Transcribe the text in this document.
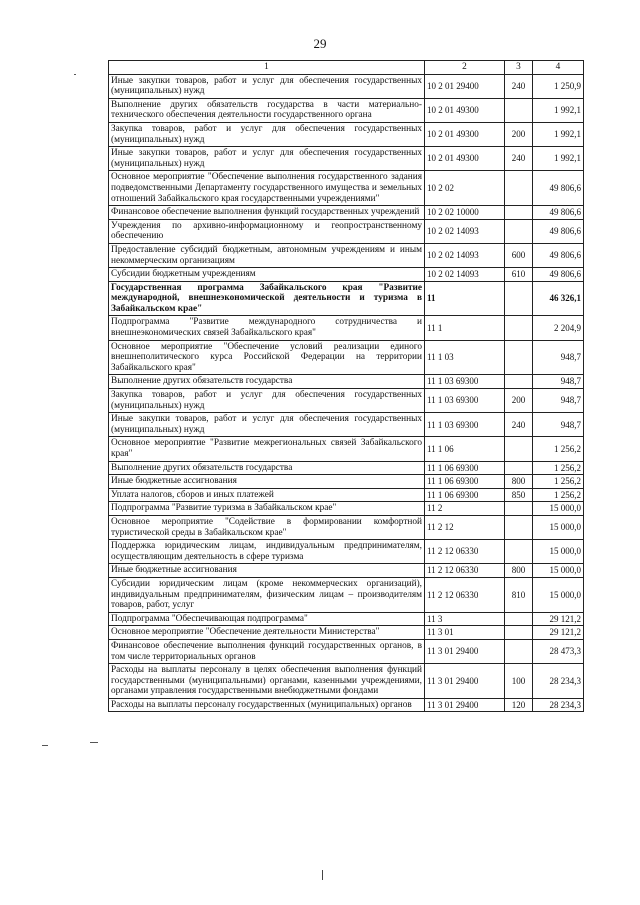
29
1	2	3	4
Иные закупки товаров, работ и услуг для обеспечения государственных (муниципальных) нужд	10 2 01 29400	240	1 250,9
Выполнение других обязательств государства в части материально-технического обеспечения деятельности государственного органа	10 2 01 49300		1 992,1
Закупка товаров, работ и услуг для обеспечения государственных (муниципальных) нужд	10 2 01 49300	200	1 992,1
Иные закупки товаров, работ и услуг для обеспечения государственных (муниципальных) нужд	10 2 01 49300	240	1 992,1
Основное мероприятие "Обеспечение выполнения государственного задания подведомственными Департаменту государственного имущества и земельных отношений Забайкальского края государственными учреждениями"	10 2 02		49 806,6
Финансовое обеспечение выполнения функций государственных учреждений	10 2 02 10000		49 806,6
Учреждения по архивно-информационному и геопространственному обеспечению	10 2 02 14093		49 806,6
Предоставление субсидий бюджетным, автономным учреждениям и иным некоммерческим организациям	10 2 02 14093	600	49 806,6
Субсидии бюджетным учреждениям	10 2 02 14093	610	49 806,6
Государственная программа Забайкальского края "Развитие международной, внешнеэкономической деятельности и туризма в Забайкальском крае"	11		46 326,1
Подпрограмма "Развитие международного сотрудничества и внешнеэкономических связей Забайкальского края"	11 1		2 204,9
Основное мероприятие "Обеспечение условий реализации единого внешнеполитического курса Российской Федерации на территории Забайкальского края"	11 1 03		948,7
Выполнение других обязательств государства	11 1 03 69300		948,7
Закупка товаров, работ и услуг для обеспечения государственных (муниципальных) нужд	11 1 03 69300	200	948,7
Иные закупки товаров, работ и услуг для обеспечения государственных (муниципальных) нужд	11 1 03 69300	240	948,7
Основное мероприятие "Развитие межрегиональных связей Забайкальского края"	11 1 06		1 256,2
Выполнение других обязательств государства	11 1 06 69300		1 256,2
Иные бюджетные ассигнования	11 1 06 69300	800	1 256,2
Уплата налогов, сборов и иных платежей	11 1 06 69300	850	1 256,2
Подпрограмма "Развитие туризма в Забайкальском крае"	11 2		15 000,0
Основное мероприятие "Содействие в формировании комфортной туристической среды в Забайкальском крае"	11 2 12		15 000,0
Поддержка юридическим лицам, индивидуальным предпринимателям, осуществляющим деятельность в сфере туризма	11 2 12 06330		15 000,0
Иные бюджетные ассигнования	11 2 12 06330	800	15 000,0
Субсидии юридическим лицам (кроме некоммерческих организаций), индивидуальным предпринимателям, физическим лицам – производителям товаров, работ, услуг	11 2 12 06330	810	15 000,0
Подпрограмма "Обеспечивающая подпрограмма"	11 3		29 121,2
Основное мероприятие "Обеспечение деятельности Министерства"	11 3 01		29 121,2
Финансовое обеспечение выполнения функций государственных органов, в том числе территориальных органов	11 3 01 29400		28 473,3
Расходы на выплаты персоналу в целях обеспечения выполнения функций государственными (муниципальными) органами, казенными учреждениями, органами управления государственными внебюджетными фондами	11 3 01 29400	100	28 234,3
Расходы на выплаты персоналу государственных (муниципальных) органов	11 3 01 29400	120	28 234,3
